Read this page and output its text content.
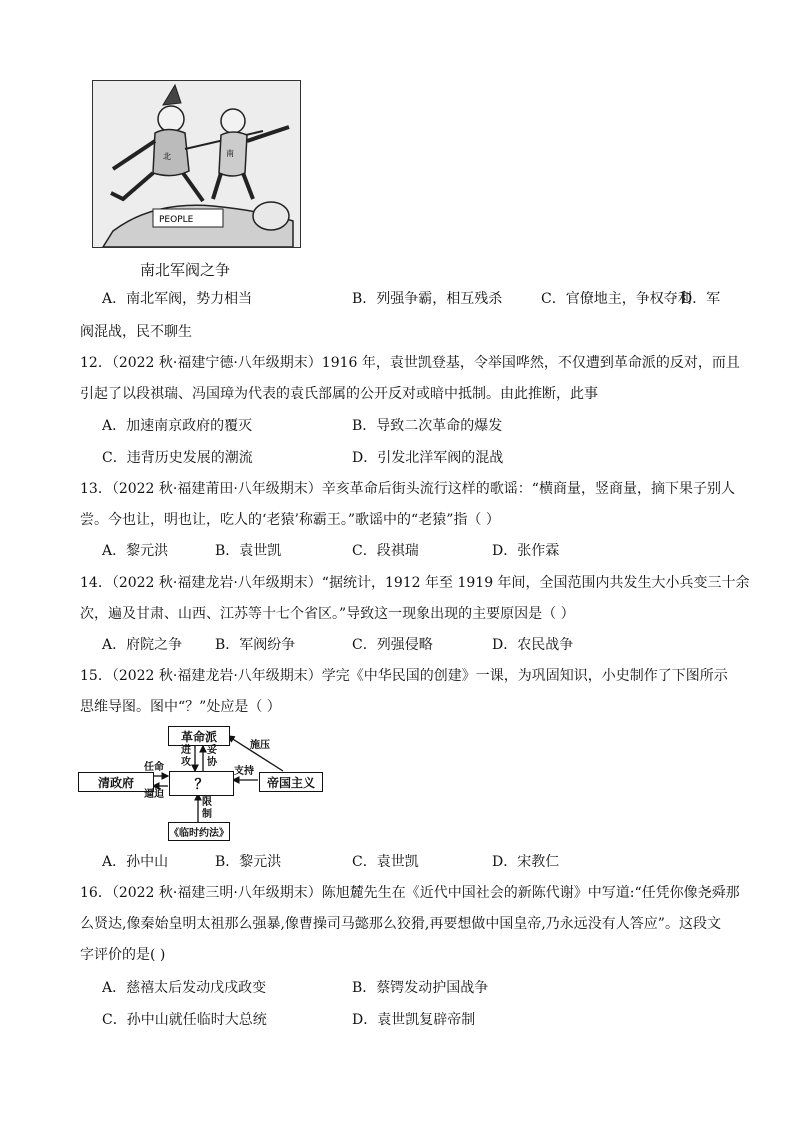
PEOPLE
南
北
南北军阀之争
A．南北军阀，势力相当	B．列强争霸，相互残杀	C．官僚地主，争权夺利
D．军
阀混战，民不聊生
12．（2022 秋·福建宁德·八年级期末）1916 年，袁世凯登基，令举国哗然，不仅遭到革命派的反对，而且
引起了以段祺瑞、冯国璋为代表的袁氏部属的公开反对或暗中抵制。由此推断，此事
A．加速南京政府的覆灭	B．导致二次革命的爆发
C．违背历史发展的潮流	D．引发北洋军阀的混战
13．（2022 秋·福建莆田·八年级期末）辛亥革命后街头流行这样的歌谣：“横商量，竖商量，摘下果子别人
尝。今也让，明也让，吃人的‘老猿’称霸王。”歌谣中的“老猿”指（ ）
A．黎元洪	B．袁世凯	C．段祺瑞	D．张作霖
14．（2022 秋·福建龙岩·八年级期末）“据统计，1912 年至 1919 年间，全国范围内共发生大小兵变三十余
次，遍及甘肃、山西、江苏等十七个省区。”导致这一现象出现的主要原因是（ ）
A．府院之争 B．军阀纷争	C．列强侵略	D．农民战争
15．（2022 秋·福建龙岩·八年级期末）学完《中华民国的创建》一课，为巩固知识，小史制作了下图所示
思维导图。图中“？”处应是（ ）
革命派
清政府	？	帝国主义
《临时约法》
进
攻
妥
协
任命
逼迫
支持
限
制
施压
A．孙中山	B．黎元洪	C．袁世凯	D．宋教仁
16．（2022 秋·福建三明·八年级期末）陈旭麓先生在《近代中国社会的新陈代谢》中写道:“任凭你像尧舜那
么贤达,像秦始皇明太祖那么强暴,像曹操司马懿那么狡猾,再要想做中国皇帝,乃永远没有人答应”。这段文
字评价的是( )
A．慈禧太后发动戊戌政变	B．蔡锷发动护国战争
C．孙中山就任临时大总统	D．袁世凯复辟帝制
